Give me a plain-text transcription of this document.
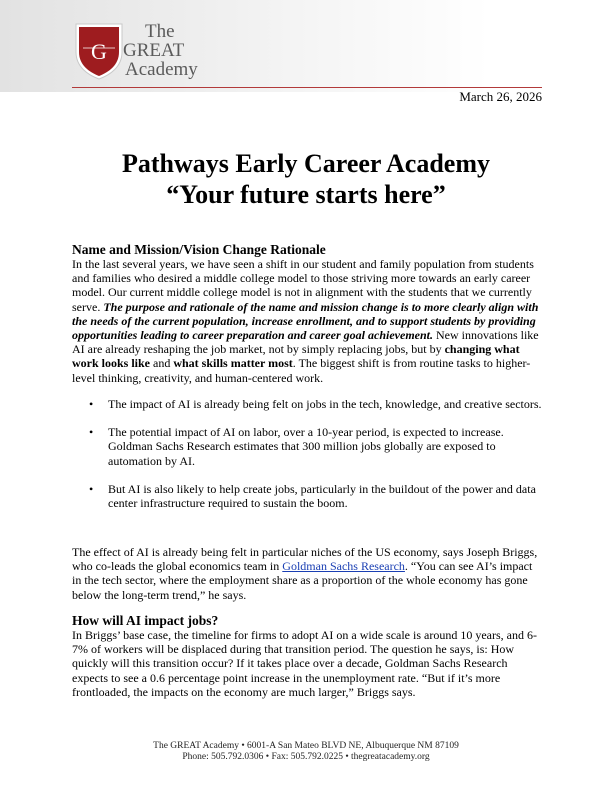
G
The
GREAT
Academy
March 26, 2026
Pathways Early Career Academy
“Your future starts here”

Name and Mission/Vision Change Rationale

In the last several years, we have seen a shift in our student and family population from students and families who desired a middle college model to those striving more towards an early career model. Our current middle college model is not in alignment with the students that we currently serve. The purpose and rationale of the name and mission change is to more clearly align with the needs of the current population, increase enrollment, and to support students by providing opportunities leading to career preparation and career goal achievement. New innovations like AI are already reshaping the job market, not by simply replacing jobs, but by changing what work looks like and what skills matter most. The biggest shift is from routine tasks to higher-level thinking, creativity, and human-centered work.

• The impact of AI is already being felt on jobs in the tech, knowledge, and creative sectors.
• The potential impact of AI on labor, over a 10-year period, is expected to increase. Goldman Sachs Research estimates that 300 million jobs globally are exposed to automation by AI.
• But AI is also likely to help create jobs, particularly in the buildout of the power and data center infrastructure required to sustain the boom.

The effect of AI is already being felt in particular niches of the US economy, says Joseph Briggs, who co-leads the global economics team in Goldman Sachs Research. “You can see AI’s impact in the tech sector, where the employment share as a proportion of the whole economy has gone below the long-term trend,” he says.

How will AI impact jobs?

In Briggs’ base case, the timeline for firms to adopt AI on a wide scale is around 10 years, and 6-7% of workers will be displaced during that transition period. The question he says, is: How quickly will this transition occur? If it takes place over a decade, Goldman Sachs Research expects to see a 0.6 percentage point increase in the unemployment rate. “But if it’s more frontloaded, the impacts on the economy are much larger,” Briggs says.

The GREAT Academy • 6001-A San Mateo BLVD NE, Albuquerque NM 87109
Phone: 505.792.0306 • Fax: 505.792.0225 • thegreatacademy.org
